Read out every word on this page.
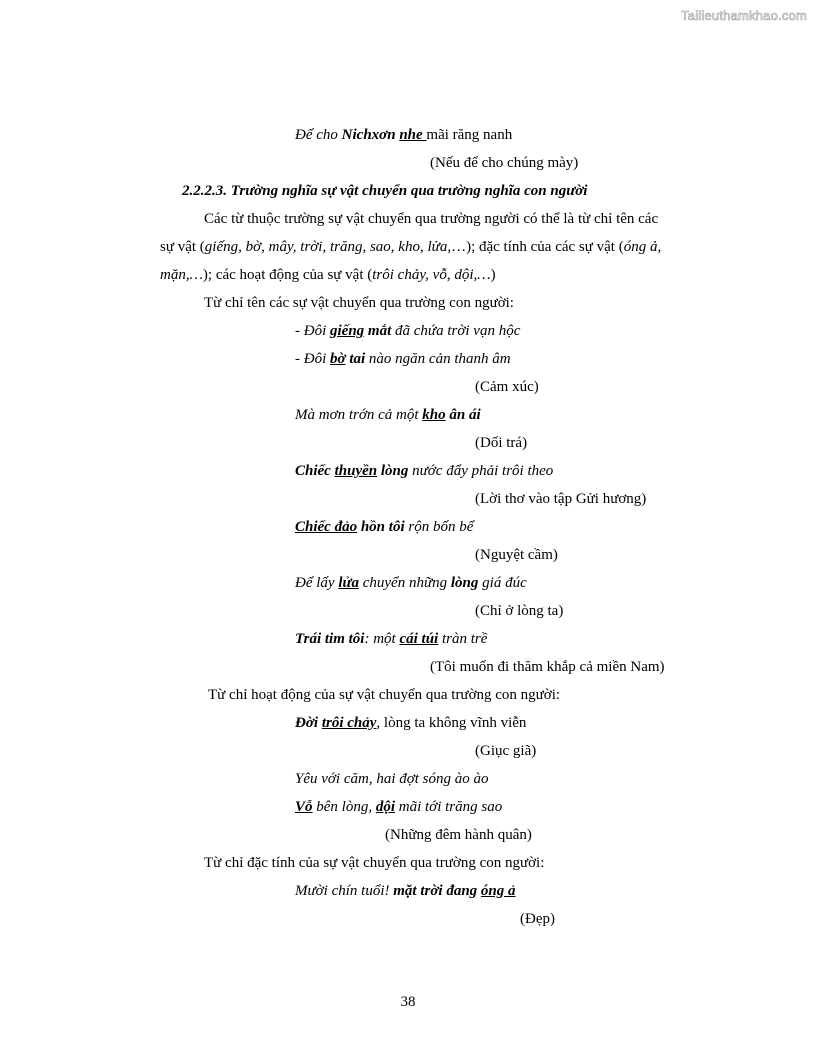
Tailieuthamkhao.com
Để cho Nichxơn nhe mãi răng nanh
(Nếu để cho chúng mày)
2.2.2.3. Trường nghĩa sự vật chuyển qua trường nghĩa con người
Các từ thuộc trường sự vật chuyển qua trường người có thể là từ chỉ tên các
sự vật (giếng, bờ, mây, trời, trăng, sao, kho, lửa,…); đặc tính của các sự vật (óng ả,
mặn,…); các hoạt động của sự vật (trôi chảy, vỗ, dội,…)
Từ chỉ tên các sự vật chuyển qua trường con người:
- Đôi giếng mắt đã chứa trời vạn hộc
- Đôi bờ tai nào ngăn cản thanh âm
(Cảm xúc)
Mà mơn trớn cả một kho ân ái
(Dối trá)
Chiếc thuyền lòng nước đẩy phải trôi theo
(Lời thơ vào tập Gửi hương)
Chiếc đảo hồn tôi rộn bốn bể
(Nguyệt cầm)
Để lấy lửa chuyển những lòng giá đúc
(Chỉ ở lòng ta)
Trái tim tôi: một cái túi tràn trề
(Tôi muốn đi thăm khắp cả miền Nam)
Từ chỉ hoạt động của sự vật chuyển qua trường con người:
Đời trôi chảy, lòng ta không vĩnh viễn
(Giục giã)
Yêu với căm, hai đợt sóng ào ào
Vỗ bên lòng, dội mãi tới trăng sao
(Những đêm hành quân)
Từ chỉ đặc tính của sự vật chuyển qua trường con người:
Mười chín tuổi! mặt trời đang óng ả
(Đẹp)
38
